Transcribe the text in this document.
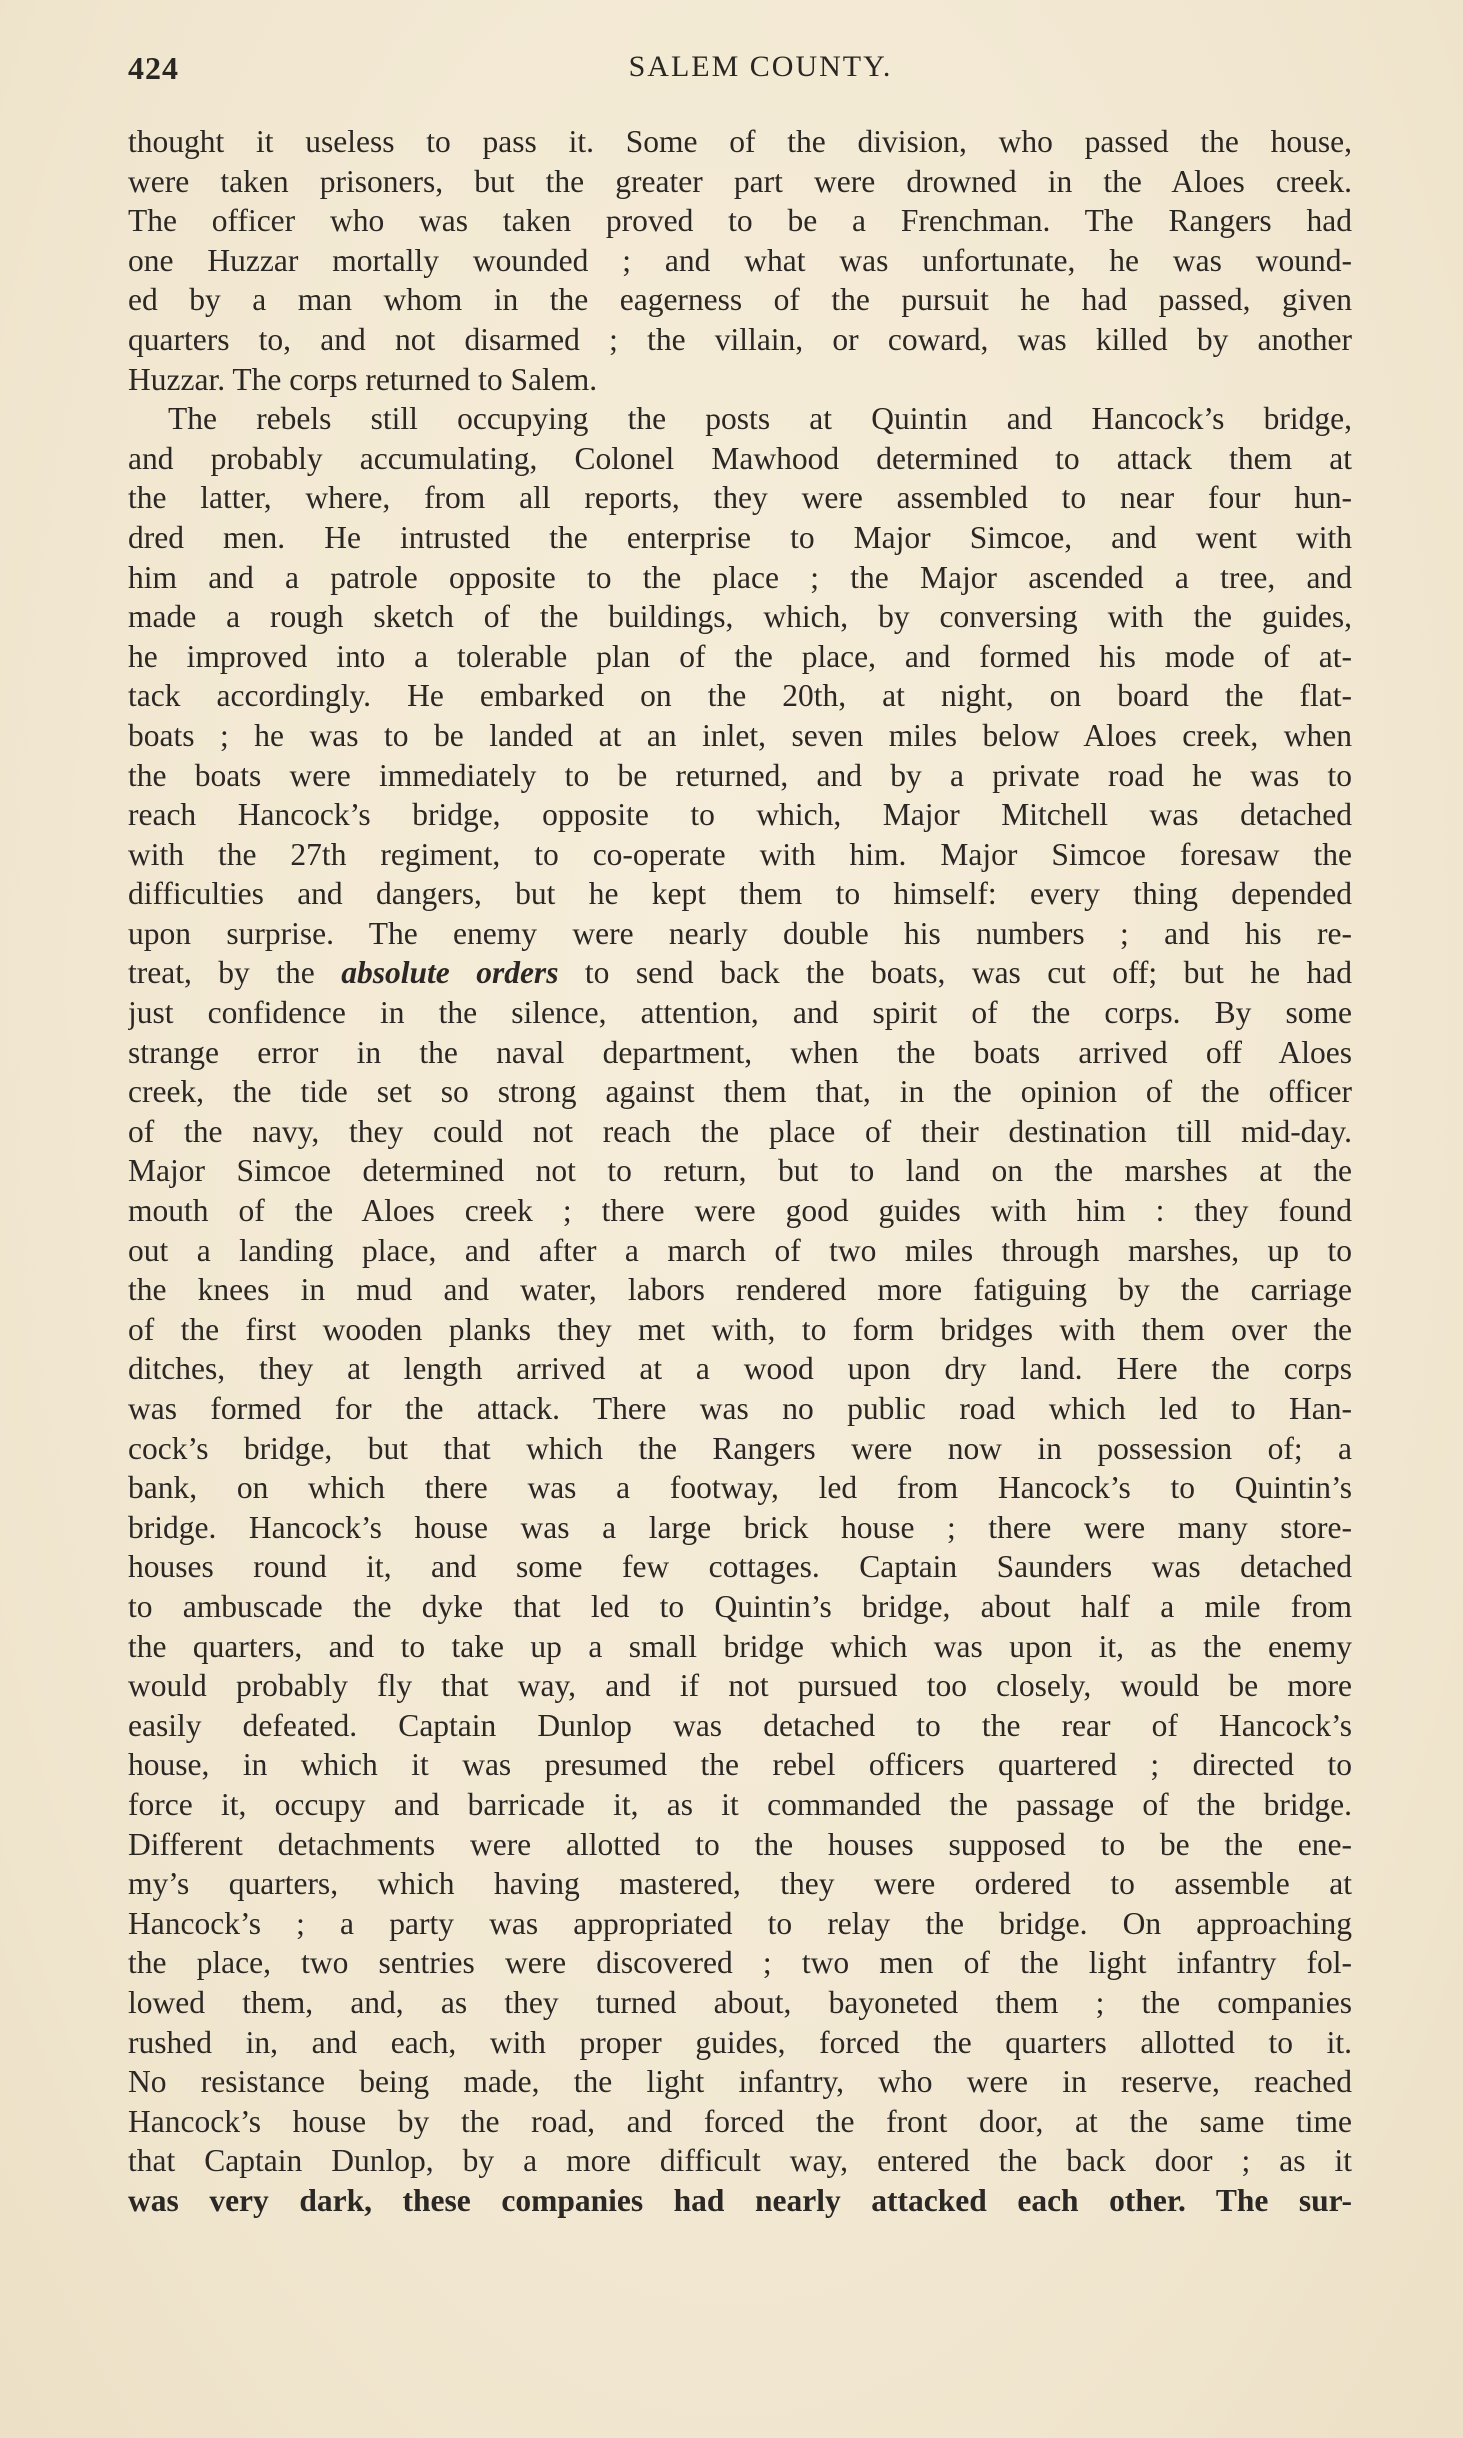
424	SALEM COUNTY.
thought it useless to pass it. Some of the division, who passed the house,
were taken prisoners, but the greater part were drowned in the Aloes creek.
The officer who was taken proved to be a Frenchman. The Rangers had
one Huzzar mortally wounded ; and what was unfortunate, he was wound-
ed by a man whom in the eagerness of the pursuit he had passed, given
quarters to, and not disarmed ; the villain, or coward, was killed by another
Huzzar. The corps returned to Salem.
The rebels still occupying the posts at Quintin and Hancock’s bridge,
and probably accumulating, Colonel Mawhood determined to attack them at
the latter, where, from all reports, they were assembled to near four hun-
dred men. He intrusted the enterprise to Major Simcoe, and went with
him and a patrole opposite to the place ; the Major ascended a tree, and
made a rough sketch of the buildings, which, by conversing with the guides,
he improved into a tolerable plan of the place, and formed his mode of at-
tack accordingly. He embarked on the 20th, at night, on board the flat-
boats ; he was to be landed at an inlet, seven miles below Aloes creek, when
the boats were immediately to be returned, and by a private road he was to
reach Hancock’s bridge, opposite to which, Major Mitchell was detached
with the 27th regiment, to co-operate with him. Major Simcoe foresaw the
difficulties and dangers, but he kept them to himself: every thing depended
upon surprise. The enemy were nearly double his numbers ; and his re-
treat, by the absolute orders to send back the boats, was cut off; but he had
just confidence in the silence, attention, and spirit of the corps. By some
strange error in the naval department, when the boats arrived off Aloes
creek, the tide set so strong against them that, in the opinion of the officer
of the navy, they could not reach the place of their destination till mid-day.
Major Simcoe determined not to return, but to land on the marshes at the
mouth of the Aloes creek ; there were good guides with him : they found
out a landing place, and after a march of two miles through marshes, up to
the knees in mud and water, labors rendered more fatiguing by the carriage
of the first wooden planks they met with, to form bridges with them over the
ditches, they at length arrived at a wood upon dry land. Here the corps
was formed for the attack. There was no public road which led to Han-
cock’s bridge, but that which the Rangers were now in possession of; a
bank, on which there was a footway, led from Hancock’s to Quintin’s
bridge. Hancock’s house was a large brick house ; there were many store-
houses round it, and some few cottages. Captain Saunders was detached
to ambuscade the dyke that led to Quintin’s bridge, about half a mile from
the quarters, and to take up a small bridge which was upon it, as the enemy
would probably fly that way, and if not pursued too closely, would be more
easily defeated. Captain Dunlop was detached to the rear of Hancock’s
house, in which it was presumed the rebel officers quartered ; directed to
force it, occupy and barricade it, as it commanded the passage of the bridge.
Different detachments were allotted to the houses supposed to be the ene-
my’s quarters, which having mastered, they were ordered to assemble at
Hancock’s ; a party was appropriated to relay the bridge. On approaching
the place, two sentries were discovered ; two men of the light infantry fol-
lowed them, and, as they turned about, bayoneted them ; the companies
rushed in, and each, with proper guides, forced the quarters allotted to it.
No resistance being made, the light infantry, who were in reserve, reached
Hancock’s house by the road, and forced the front door, at the same time
that Captain Dunlop, by a more difficult way, entered the back door ; as it
was very dark, these companies had nearly attacked each other. The sur-
